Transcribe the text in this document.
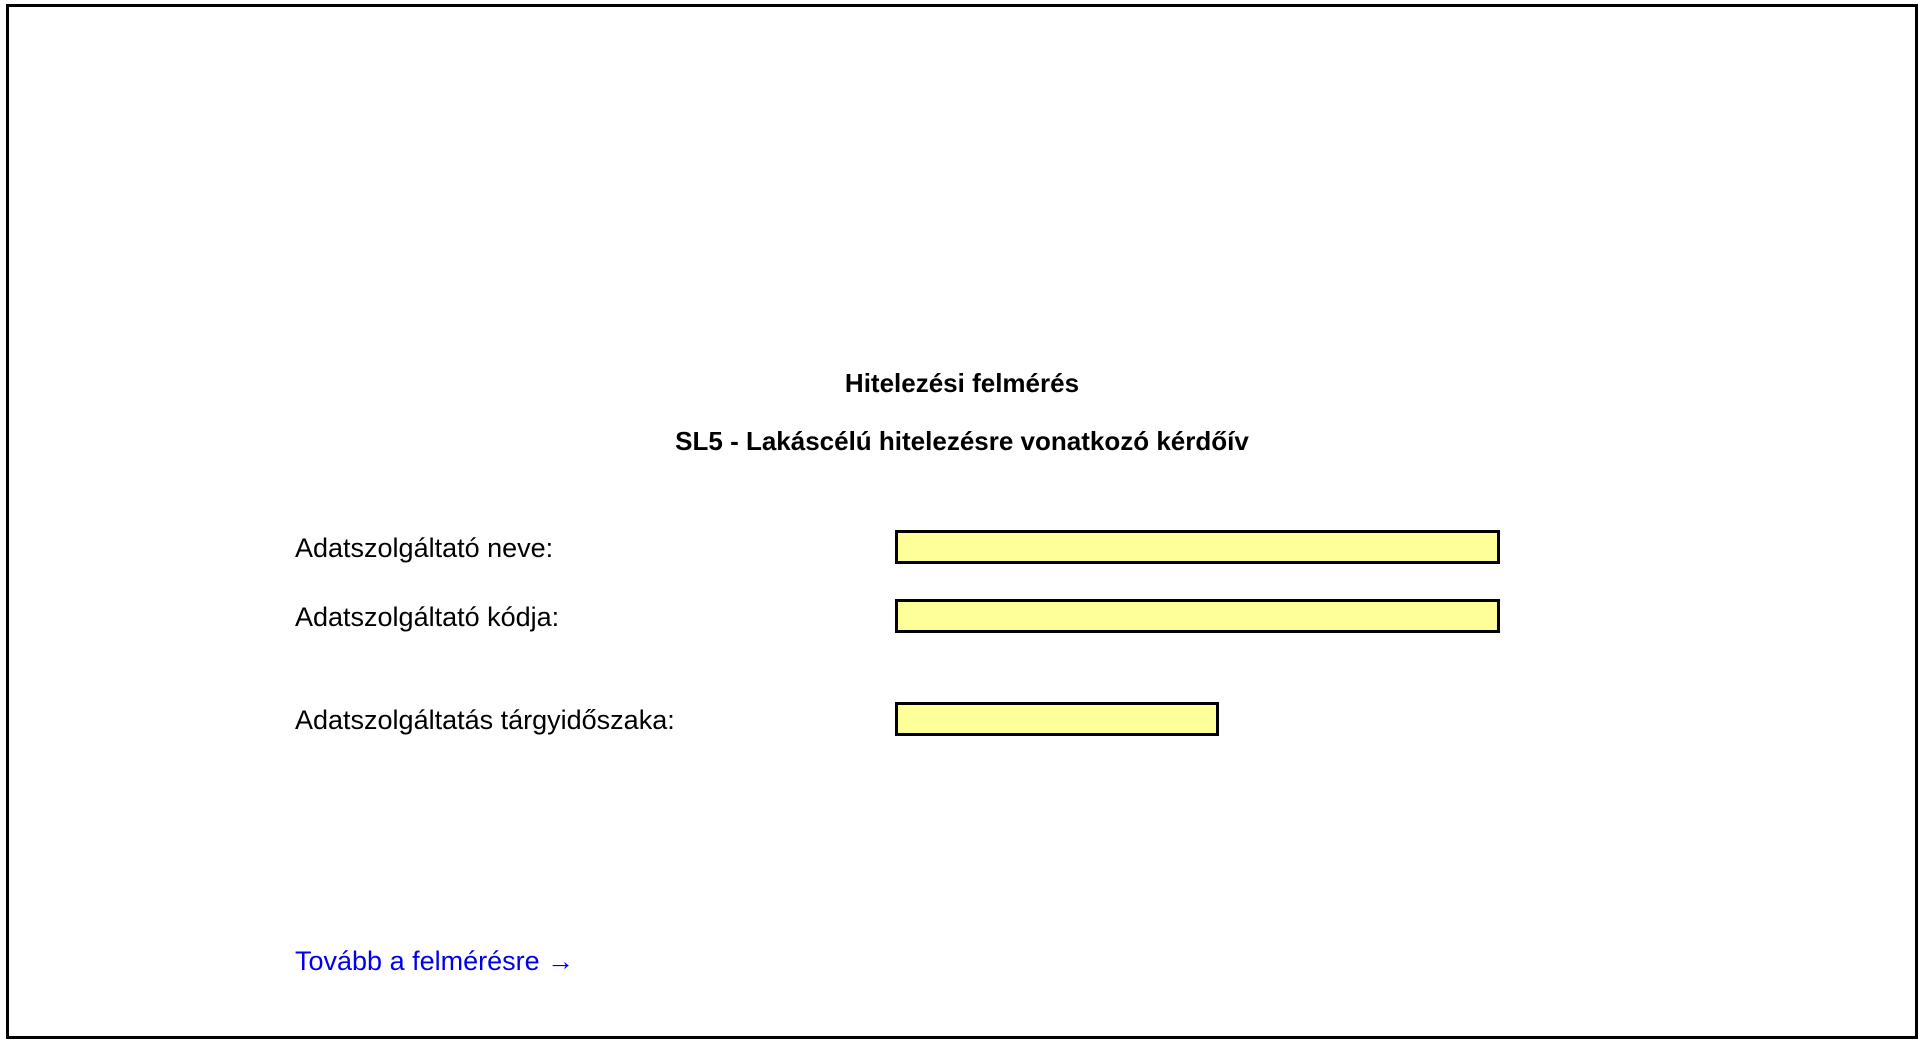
Hitelezési felmérés
SL5 - Lakáscélú hitelezésre vonatkozó kérdőív
Adatszolgáltató neve:
Adatszolgáltató kódja:
Adatszolgáltatás tárgyidőszaka:
Tovább a felmérésre →
